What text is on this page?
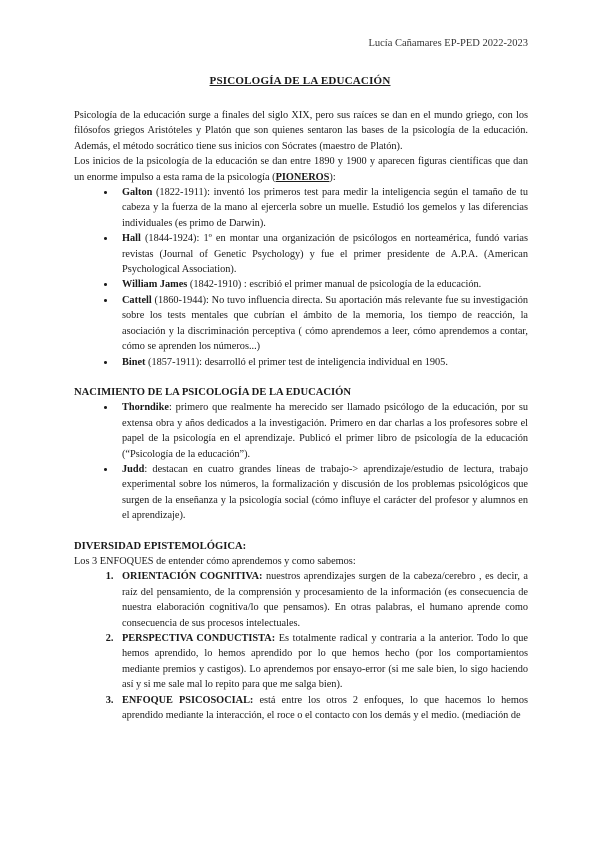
Lucía Cañamares EP-PED 2022-2023
PSICOLOGÍA DE LA EDUCACIÓN

Psicología de la educación surge a finales del siglo XIX, pero sus raíces se dan en el mundo griego, con los filósofos griegos Aristóteles y Platón que son quienes sentaron las bases de la psicología de la educación. Además, el método socrático tiene sus inicios con Sócrates (maestro de Platón).

Los inicios de la psicología de la educación se dan entre 1890 y 1900 y aparecen figuras científicas que dan un enorme impulso a esta rama de la psicología (PIONEROS):

• Galton (1822-1911): inventó los primeros test para medir la inteligencia según el tamaño de tu cabeza y la fuerza de la mano al ejercerla sobre un muelle. Estudió los gemelos y las diferencias individuales (es primo de Darwin).
• Hall (1844-1924): 1º en montar una organización de psicólogos en norteamérica, fundó varias revistas (Journal of Genetic Psychology) y fue el primer presidente de A.P.A. (American Psychological Association).
• William James (1842-1910) : escribió el primer manual de psicología de la educación.
• Cattell (1860-1944): No tuvo influencia directa. Su aportación más relevante fue su investigación sobre los tests mentales que cubrían el ámbito de la memoria, los tiempo de reacción, la asociación y la discriminación perceptiva ( cómo aprendemos a leer, cómo aprendemos a contar, cómo se aprenden los números...)
• Binet (1857-1911): desarrolló el primer test de inteligencia individual en 1905.
NACIMIENTO DE LA PSICOLOGÍA DE LA EDUCACIÓN
• Thorndike: primero que realmente ha merecido ser llamado psicólogo de la educación, por su extensa obra y años dedicados a la investigación. Primero en dar charlas a los profesores sobre el papel de la psicología en el aprendizaje. Publicó el primer libro de psicología de la educación (“Psicología de la educación”).
• Judd: destacan en cuatro grandes líneas de trabajo-> aprendizaje/estudio de lectura, trabajo experimental sobre los números, la formalización y discusión de los problemas psicológicos que surgen de la enseñanza y la psicología social (cómo influye el carácter del profesor y alumnos en el aprendizaje).
DIVERSIDAD EPISTEMOLÓGICA:

Los 3 ENFOQUES de entender cómo aprendemos y como sabemos:

1. ORIENTACIÓN COGNITIVA: nuestros aprendizajes surgen de la cabeza/cerebro , es decir, a raíz del pensamiento, de la comprensión y procesamiento de la información (es consecuencia de nuestra elaboración cognitiva/lo que pensamos). En otras palabras, el humano aprende como consecuencia de sus procesos intelectuales.
2. PERSPECTIVA CONDUCTISTA: Es totalmente radical y contraria a la anterior. Todo lo que hemos aprendido, lo hemos aprendido por lo que hemos hecho (por los comportamientos mediante premios y castigos). Lo aprendemos por ensayo-error (si me sale bien, lo sigo haciendo así y si me sale mal lo repito para que me salga bien).
3. ENFOQUE PSICOSOCIAL: está entre los otros 2 enfoques, lo que hacemos lo hemos aprendido mediante la interacción, el roce o el contacto con los demás y el medio. (mediación de
